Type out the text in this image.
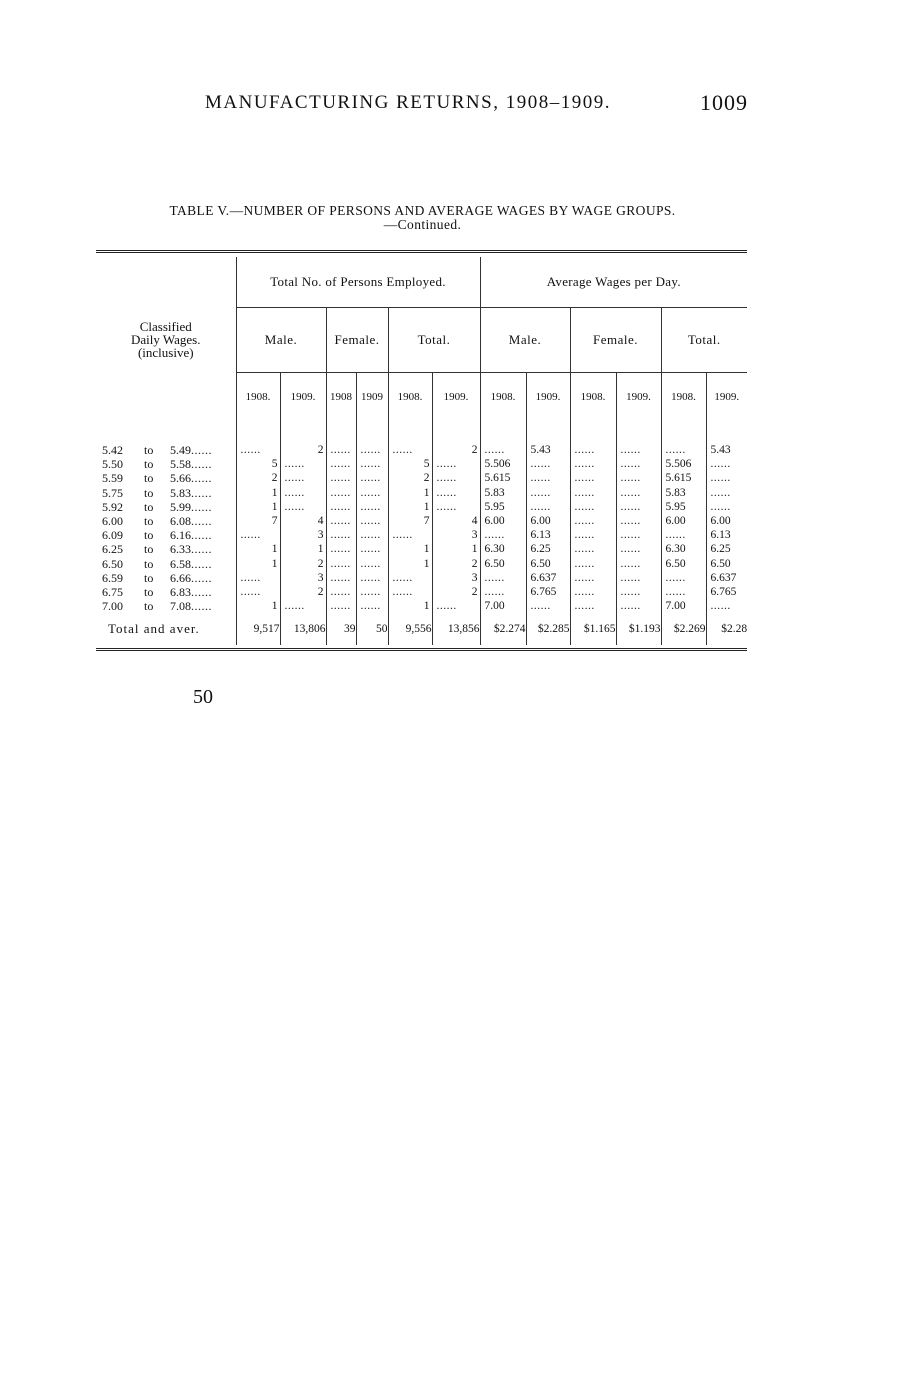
MANUFACTURING RETURNS, 1908–1909.	1009
TABLE V.—NUMBER OF PERSONS AND AVERAGE WAGES BY WAGE GROUPS.
—Continued.
Classified
Daily Wages.
(inclusive)	Total No. of Persons Employed.						Average Wages per Day.					
	Male.		Female.		Total.		Male.		Female.		Total.	
	1908.	1909.	1908	1909	1908.	1909.	1908.	1909.	1908.	1909.	1908.	1909.

5.42 to 5.49......	......	2	......	......	......	2	......	5.43	......	......	......	5.43
5.50 to 5.58......	5	......	......	......	5	......	5.506	......	......	......	5.506	......
5.59 to 5.66......	2	......	......	......	2	......	5.615	......	......	......	5.615	......
5.75 to 5.83......	1	......	......	......	1	......	5.83	......	......	......	5.83	......
5.92 to 5.99......	1	......	......	......	1	......	5.95	......	......	......	5.95	......
6.00 to 6.08......	7	4	......	......	7	4	6.00	6.00	......	......	6.00	6.00
6.09 to 6.16......	......	3	......	......	......	3	......	6.13	......	......	......	6.13
6.25 to 6.33......	1	1	......	......	1	1	6.30	6.25	......	......	6.30	6.25
6.50 to 6.58......	1	2	......	......	1	2	6.50	6.50	......	......	6.50	6.50
6.59 to 6.66......	......	3	......	......	......	3	......	6.637	......	......	......	6.637
6.75 to 6.83......	......	2	......	......	......	2	......	6.765	......	......	......	6.765
7.00 to 7.08......	1	......	......	......	1	......	7.00	......	......	......	7.00	......
Total and aver.	9,517	13,806	39	50	9,556	13,856	$2.274	$2.285	$1.165	$1.193	$2.269	$2.28
50
